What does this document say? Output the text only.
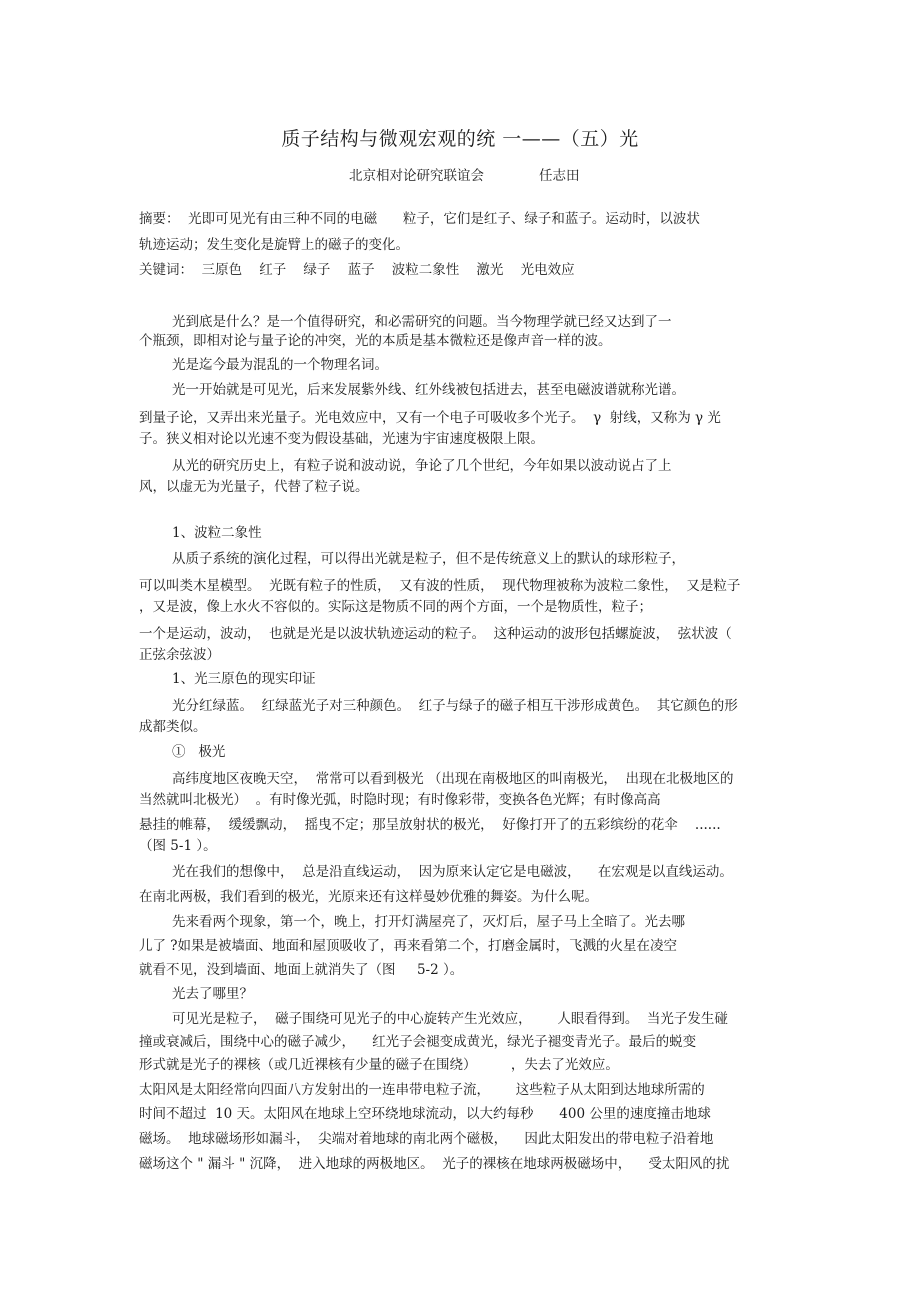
质子结构与微观宏观的统 一——（五）光
北京相对论研究联谊会	任志田
摘要：  光即可见光有由三种不同的电磁      粒子，它们是红子、绿子和蓝子。运动时，以波状
轨迹运动；发生变化是旋臂上的磁子的变化。
关键词：  三原色    红子    绿子    蓝子    波粒二象性    激光    光电效应
光到底是什么？是一个值得研究，和必需研究的问题。当今物理学就已经又达到了一
个瓶颈，即相对论与量子论的冲突，光的本质是基本微粒还是像声音一样的波。
光是迄今最为混乱的一个物理名词。
光一开始就是可见光，后来发展紫外线、红外线被包括进去，甚至电磁波谱就称光谱。
到量子论，又弄出来光量子。光电效应中，又有一个电子可吸收多个光子。  γ  射线，又称为 γ 光
子。狭义相对论以光速不变为假设基础，光速为宇宙速度极限上限。
从光的研究历史上，有粒子说和波动说，争论了几个世纪，今年如果以波动说占了上
风，以虚无为光量子，代替了粒子说。
1、波粒二象性
从质子系统的演化过程，可以得出光就是粒子，但不是传统意义上的默认的球形粒子，
可以叫类木星模型。  光既有粒子的性质，  又有波的性质，  现代物理被称为波粒二象性，  又是粒子
，又是波，像上水火不容似的。实际这是物质不同的两个方面，一个是物质性，粒子；
一个是运动，波动，  也就是光是以波状轨迹运动的粒子。  这种运动的波形包括螺旋波，  弦状波（
正弦余弦波）
1、光三原色的现实印证
光分红绿蓝。  红绿蓝光子对三种颜色。  红子与绿子的磁子相互干涉形成黄色。  其它颜色的形
成都类似。
①   极光
高纬度地区夜晚天空，  常常可以看到极光 （出现在南极地区的叫南极光，  出现在北极地区的
当然就叫北极光）  。有时像光弧，时隐时现；有时像彩带，变换各色光辉；有时像高高
悬挂的帷幕，  缓缓飘动，  摇曳不定；那呈放射状的极光，  好像打开了的五彩缤纷的花伞    ......
（图 5-1 ）。
光在我们的想像中，  总是沿直线运动，  因为原来认定它是电磁波，    在宏观是以直线运动。
在南北两极，我们看到的极光，光原来还有这样曼妙优雅的舞姿。为什么呢。
先来看两个现象，第一个，晚上，打开灯满屋亮了，灭灯后，屋子马上全暗了。光去哪
儿了 ?如果是被墙面、地面和屋顶吸收了，再来看第二个，打磨金属时，飞溅的火星在凌空
就看不见，没到墙面、地面上就消失了（图     5-2 ）。
光去了哪里？
可见光是粒子，  磁子围绕可见光子的中心旋转产生光效应，      人眼看得到。  当光子发生碰
撞或衰减后，围绕中心的磁子减少，    红光子会褪变成黄光，绿光子褪变青光子。最后的蜕变
形式就是光子的裸核（或几近裸核有少量的磁子在围绕）        ，失去了光效应。
太阳风是太阳经常向四面八方发射出的一连串带电粒子流，      这些粒子从太阳到达地球所需的
时间不超过  10 天。太阳风在地球上空环绕地球流动，以大约每秒      400 公里的速度撞击地球
磁场。  地球磁场形如漏斗，  尖端对着地球的南北两个磁极，    因此太阳发出的带电粒子沿着地
磁场这个 " 漏斗 " 沉降，  进入地球的两极地区。  光子的裸核在地球两极磁场中，    受太阳风的扰
